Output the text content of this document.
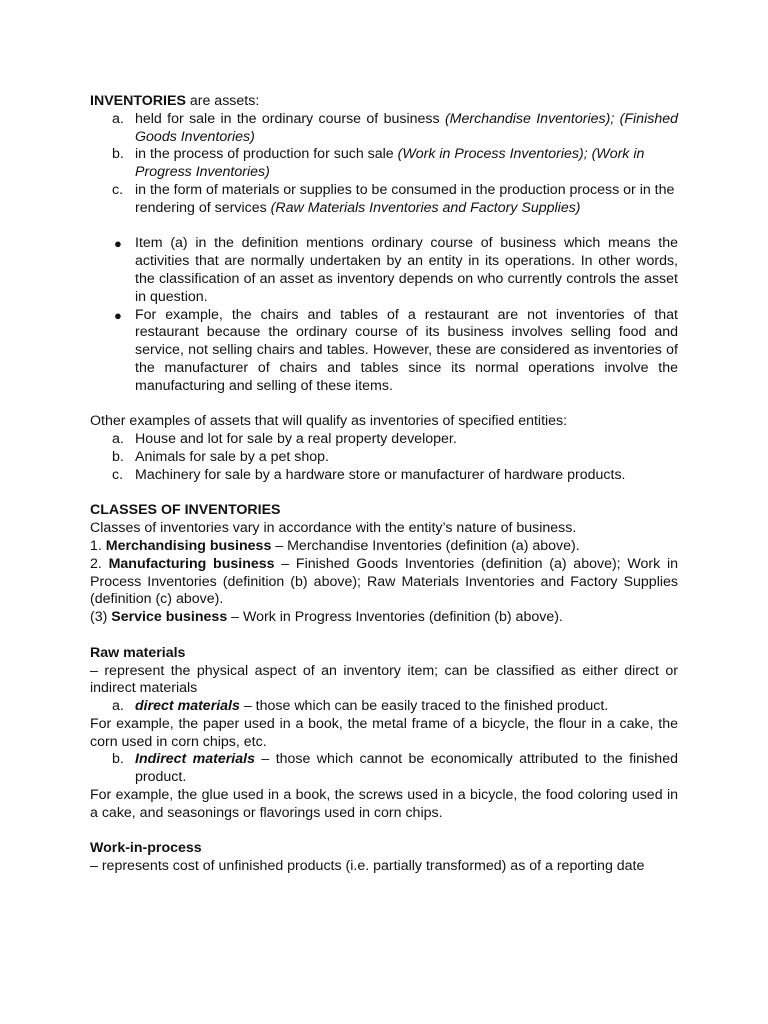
INVENTORIES are assets:

a. held for sale in the ordinary course of business (Merchandise Inventories); (Finished Goods Inventories)
b. in the process of production for such sale (Work in Process Inventories); (Work in Progress Inventories)
c. in the form of materials or supplies to be consumed in the production process or in the rendering of services (Raw Materials Inventories and Factory Supplies)
● Item (a) in the definition mentions ordinary course of business which means the activities that are normally undertaken by an entity in its operations. In other words, the classification of an asset as inventory depends on who currently controls the asset in question.
● For example, the chairs and tables of a restaurant are not inventories of that restaurant because the ordinary course of its business involves selling food and service, not selling chairs and tables. However, these are considered as inventories of the manufacturer of chairs and tables since its normal operations involve the manufacturing and selling of these items.

Other examples of assets that will qualify as inventories of specified entities:

a. House and lot for sale by a real property developer.
b. Animals for sale by a pet shop.
c. Machinery for sale by a hardware store or manufacturer of hardware products.

CLASSES OF INVENTORIES

Classes of inventories vary in accordance with the entity’s nature of business.

1. Merchandising business – Merchandise Inventories (definition (a) above).

2. Manufacturing business – Finished Goods Inventories (definition (a) above); Work in Process Inventories (definition (b) above); Raw Materials Inventories and Factory Supplies (definition (c) above).

(3) Service business – Work in Progress Inventories (definition (b) above).

Raw materials

– represent the physical aspect of an inventory item; can be classified as either direct or indirect materials

a. direct materials – those which can be easily traced to the finished product.

For example, the paper used in a book, the metal frame of a bicycle, the flour in a cake, the corn used in corn chips, etc.

b. Indirect materials – those which cannot be economically attributed to the finished product.

For example, the glue used in a book, the screws used in a bicycle, the food coloring used in a cake, and seasonings or flavorings used in corn chips.

Work-in-process

– represents cost of unfinished products (i.e. partially transformed) as of a reporting date
